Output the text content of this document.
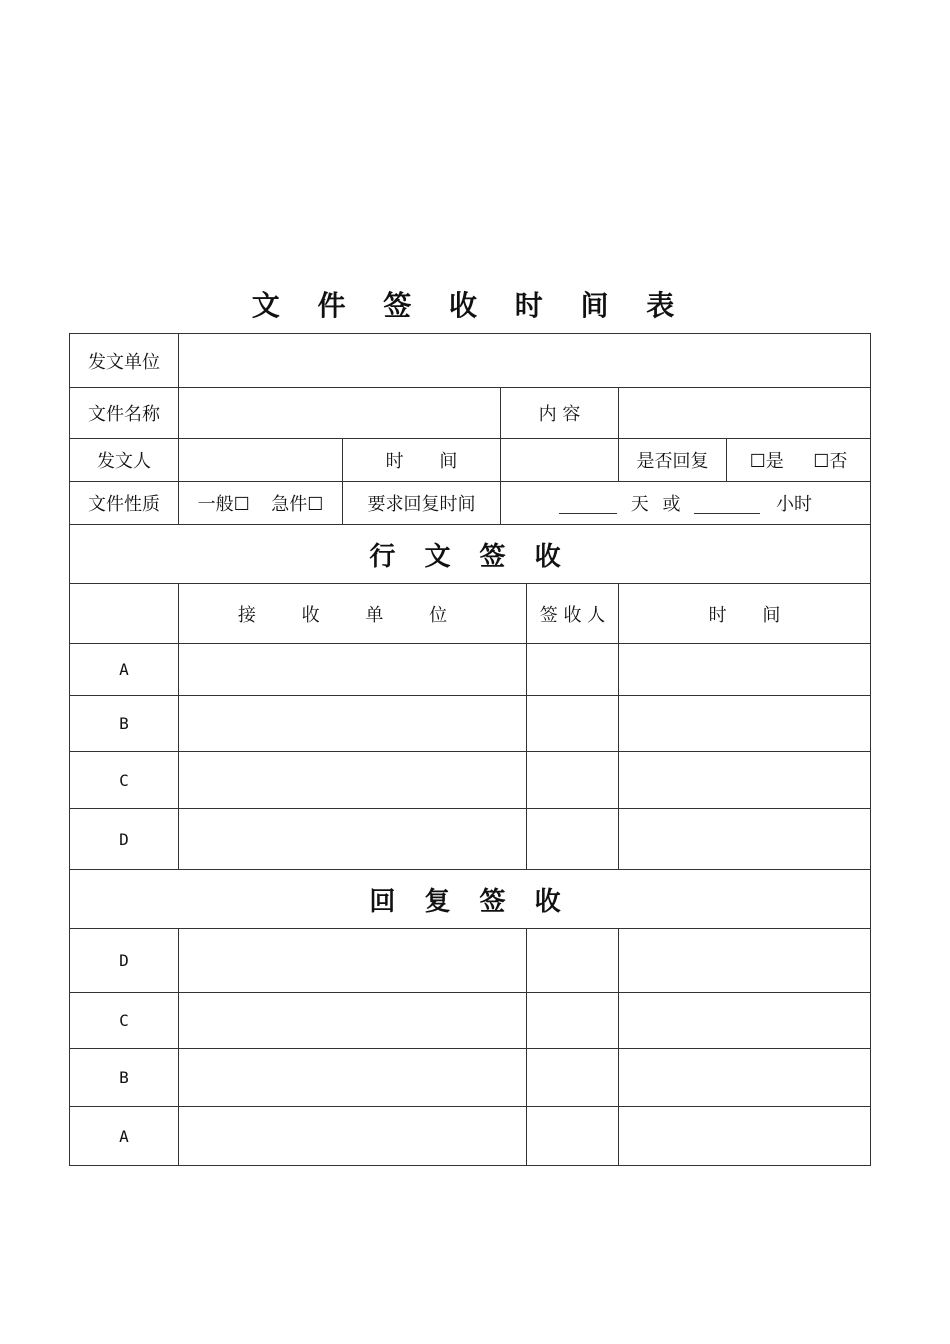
文 件 签 收 时 间 表
发文单位						
文件名称			内 容			
发文人		时 间			是否回复	☐是 ☐否
文件性质	一般☐ 急件☐	要求回复时间	天 或 小时			
行 文 签 收						
	接 收 单 位			签 收 人	时 间	
A						
B						
C						
D						
回 复 签 收						
D						
C						
B						
A						
